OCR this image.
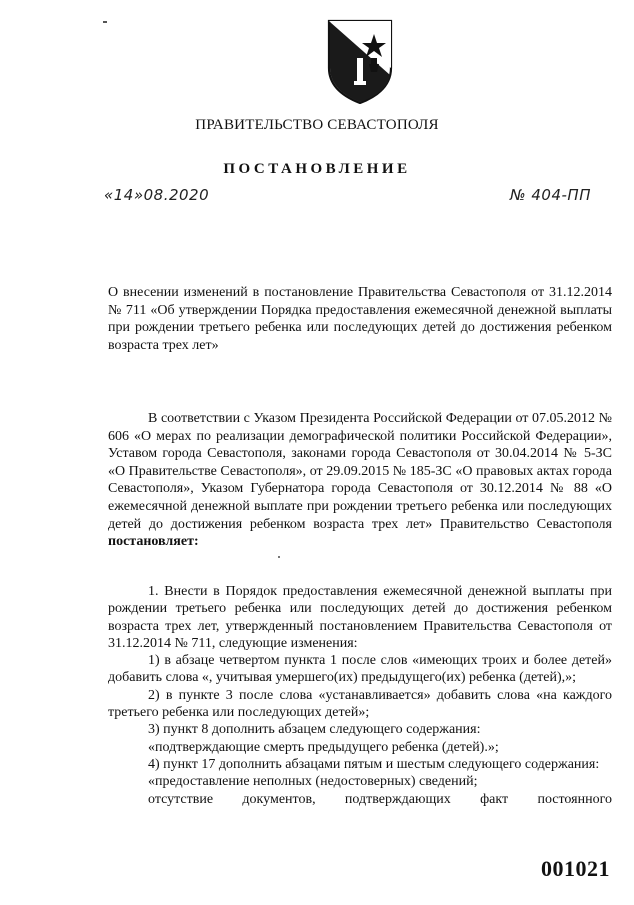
ПРАВИТЕЛЬСТВО СЕВАСТОПОЛЯ
ПОСТАНОВЛЕНИЕ
«14»08.2020	№ 404-ПП
О внесении изменений в постановление Правительства Севастополя от 31.12.2014 № 711 «Об утверждении Порядка предоставления ежемесячной денежной выплаты при рождении третьего ребенка или последующих детей до достижения ребенком возраста трех лет»
В соответствии с Указом Президента Российской Федерации от 07.05.2012 № 606 «О мерах по реализации демографической политики Российской Федерации», Уставом города Севастополя, законами города Севастополя от 30.04.2014 № 5-ЗС «О Правительстве Севастополя», от 29.09.2015 № 185-ЗС «О правовых актах города Севастополя», Указом Губернатора города Севастополя от 30.12.2014 № 88 «О ежемесячной денежной выплате при рождении третьего ребенка или последующих детей до достижения ребенком возраста трех лет» Правительство Севастополя постановляет:

1. Внести в Порядок предоставления ежемесячной денежной выплаты при рождении третьего ребенка или последующих детей до достижения ребенком возраста трех лет, утвержденный постановлением Правительства Севастополя от 31.12.2014 № 711, следующие изменения:

1) в абзаце четвертом пункта 1 после слов «имеющих троих и более детей» добавить слова «, учитывая умершего(их) предыдущего(их) ребенка (детей),»;

2) в пункте 3 после слова «устанавливается» добавить слова «на каждого третьего ребенка или последующих детей»;

3) пункт 8 дополнить абзацем следующего содержания:

«подтверждающие смерть предыдущего ребенка (детей).»;

4) пункт 17 дополнить абзацами пятым и шестым следующего содержания:

«предоставление неполных (недостоверных) сведений;

отсутствие документов, подтверждающих факт постоянного

001021
